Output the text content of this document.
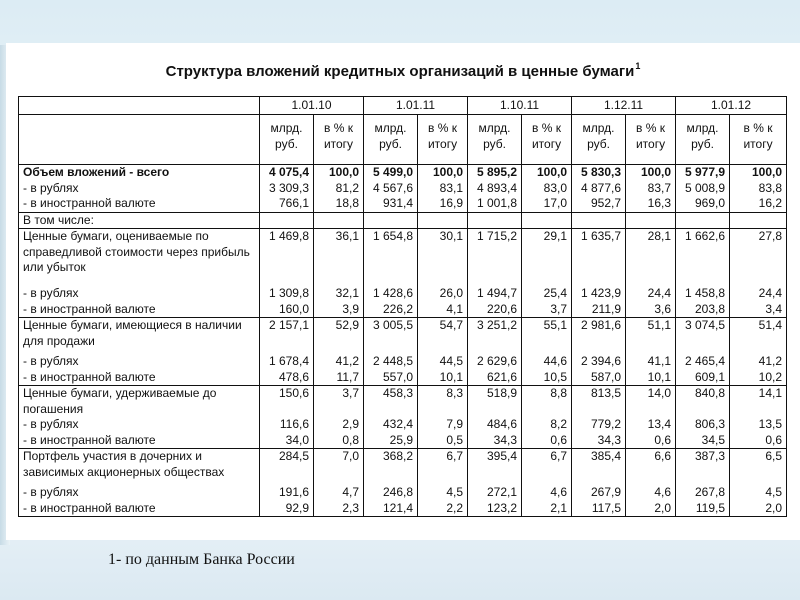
Структура вложений кредитных организаций в ценные бумаги$^1$
	1.01.10		1.01.11		1.10.11		1.12.11		1.01.12	
	млрд. руб.	в % к итогу	млрд. руб.	в % к итогу	млрд. руб.	в % к итогу	млрд. руб.	в % к итогу	млрд. руб.	в % к итогу
Объем вложений - всего	4 075,4	100,0	5 499,0	100,0	5 895,2	100,0	5 830,3	100,0	5 977,9	100,0
- в рублях	3 309,3	81,2	4 567,6	83,1	4 893,4	83,0	4 877,6	83,7	5 008,9	83,8
- в иностранной валюте	766,1	18,8	931,4	16,9	1 001,8	17,0	952,7	16,3	969,0	16,2
В том числе:										
Ценные бумаги, оцениваемые по справедливой стоимости через прибыль или убыток	1 469,8	36,1	1 654,8	30,1	1 715,2	29,1	1 635,7	28,1	1 662,6	27,8
- в рублях	1 309,8	32,1	1 428,6	26,0	1 494,7	25,4	1 423,9	24,4	1 458,8	24,4
- в иностранной валюте	160,0	3,9	226,2	4,1	220,6	3,7	211,9	3,6	203,8	3,4
Ценные бумаги, имеющиеся в наличии для продажи	2 157,1	52,9	3 005,5	54,7	3 251,2	55,1	2 981,6	51,1	3 074,5	51,4
- в рублях	1 678,4	41,2	2 448,5	44,5	2 629,6	44,6	2 394,6	41,1	2 465,4	41,2
- в иностранной валюте	478,6	11,7	557,0	10,1	621,6	10,5	587,0	10,1	609,1	10,2
Ценные бумаги, удерживаемые до погашения	150,6	3,7	458,3	8,3	518,9	8,8	813,5	14,0	840,8	14,1
- в рублях	116,6	2,9	432,4	7,9	484,6	8,2	779,2	13,4	806,3	13,5
- в иностранной валюте	34,0	0,8	25,9	0,5	34,3	0,6	34,3	0,6	34,5	0,6
Портфель участия в дочерних и зависимых акционерных обществах	284,5	7,0	368,2	6,7	395,4	6,7	385,4	6,6	387,3	6,5
- в рублях	191,6	4,7	246,8	4,5	272,1	4,6	267,9	4,6	267,8	4,5
- в иностранной валюте	92,9	2,3	121,4	2,2	123,2	2,1	117,5	2,0	119,5	2,0
1- по данным Банка России
